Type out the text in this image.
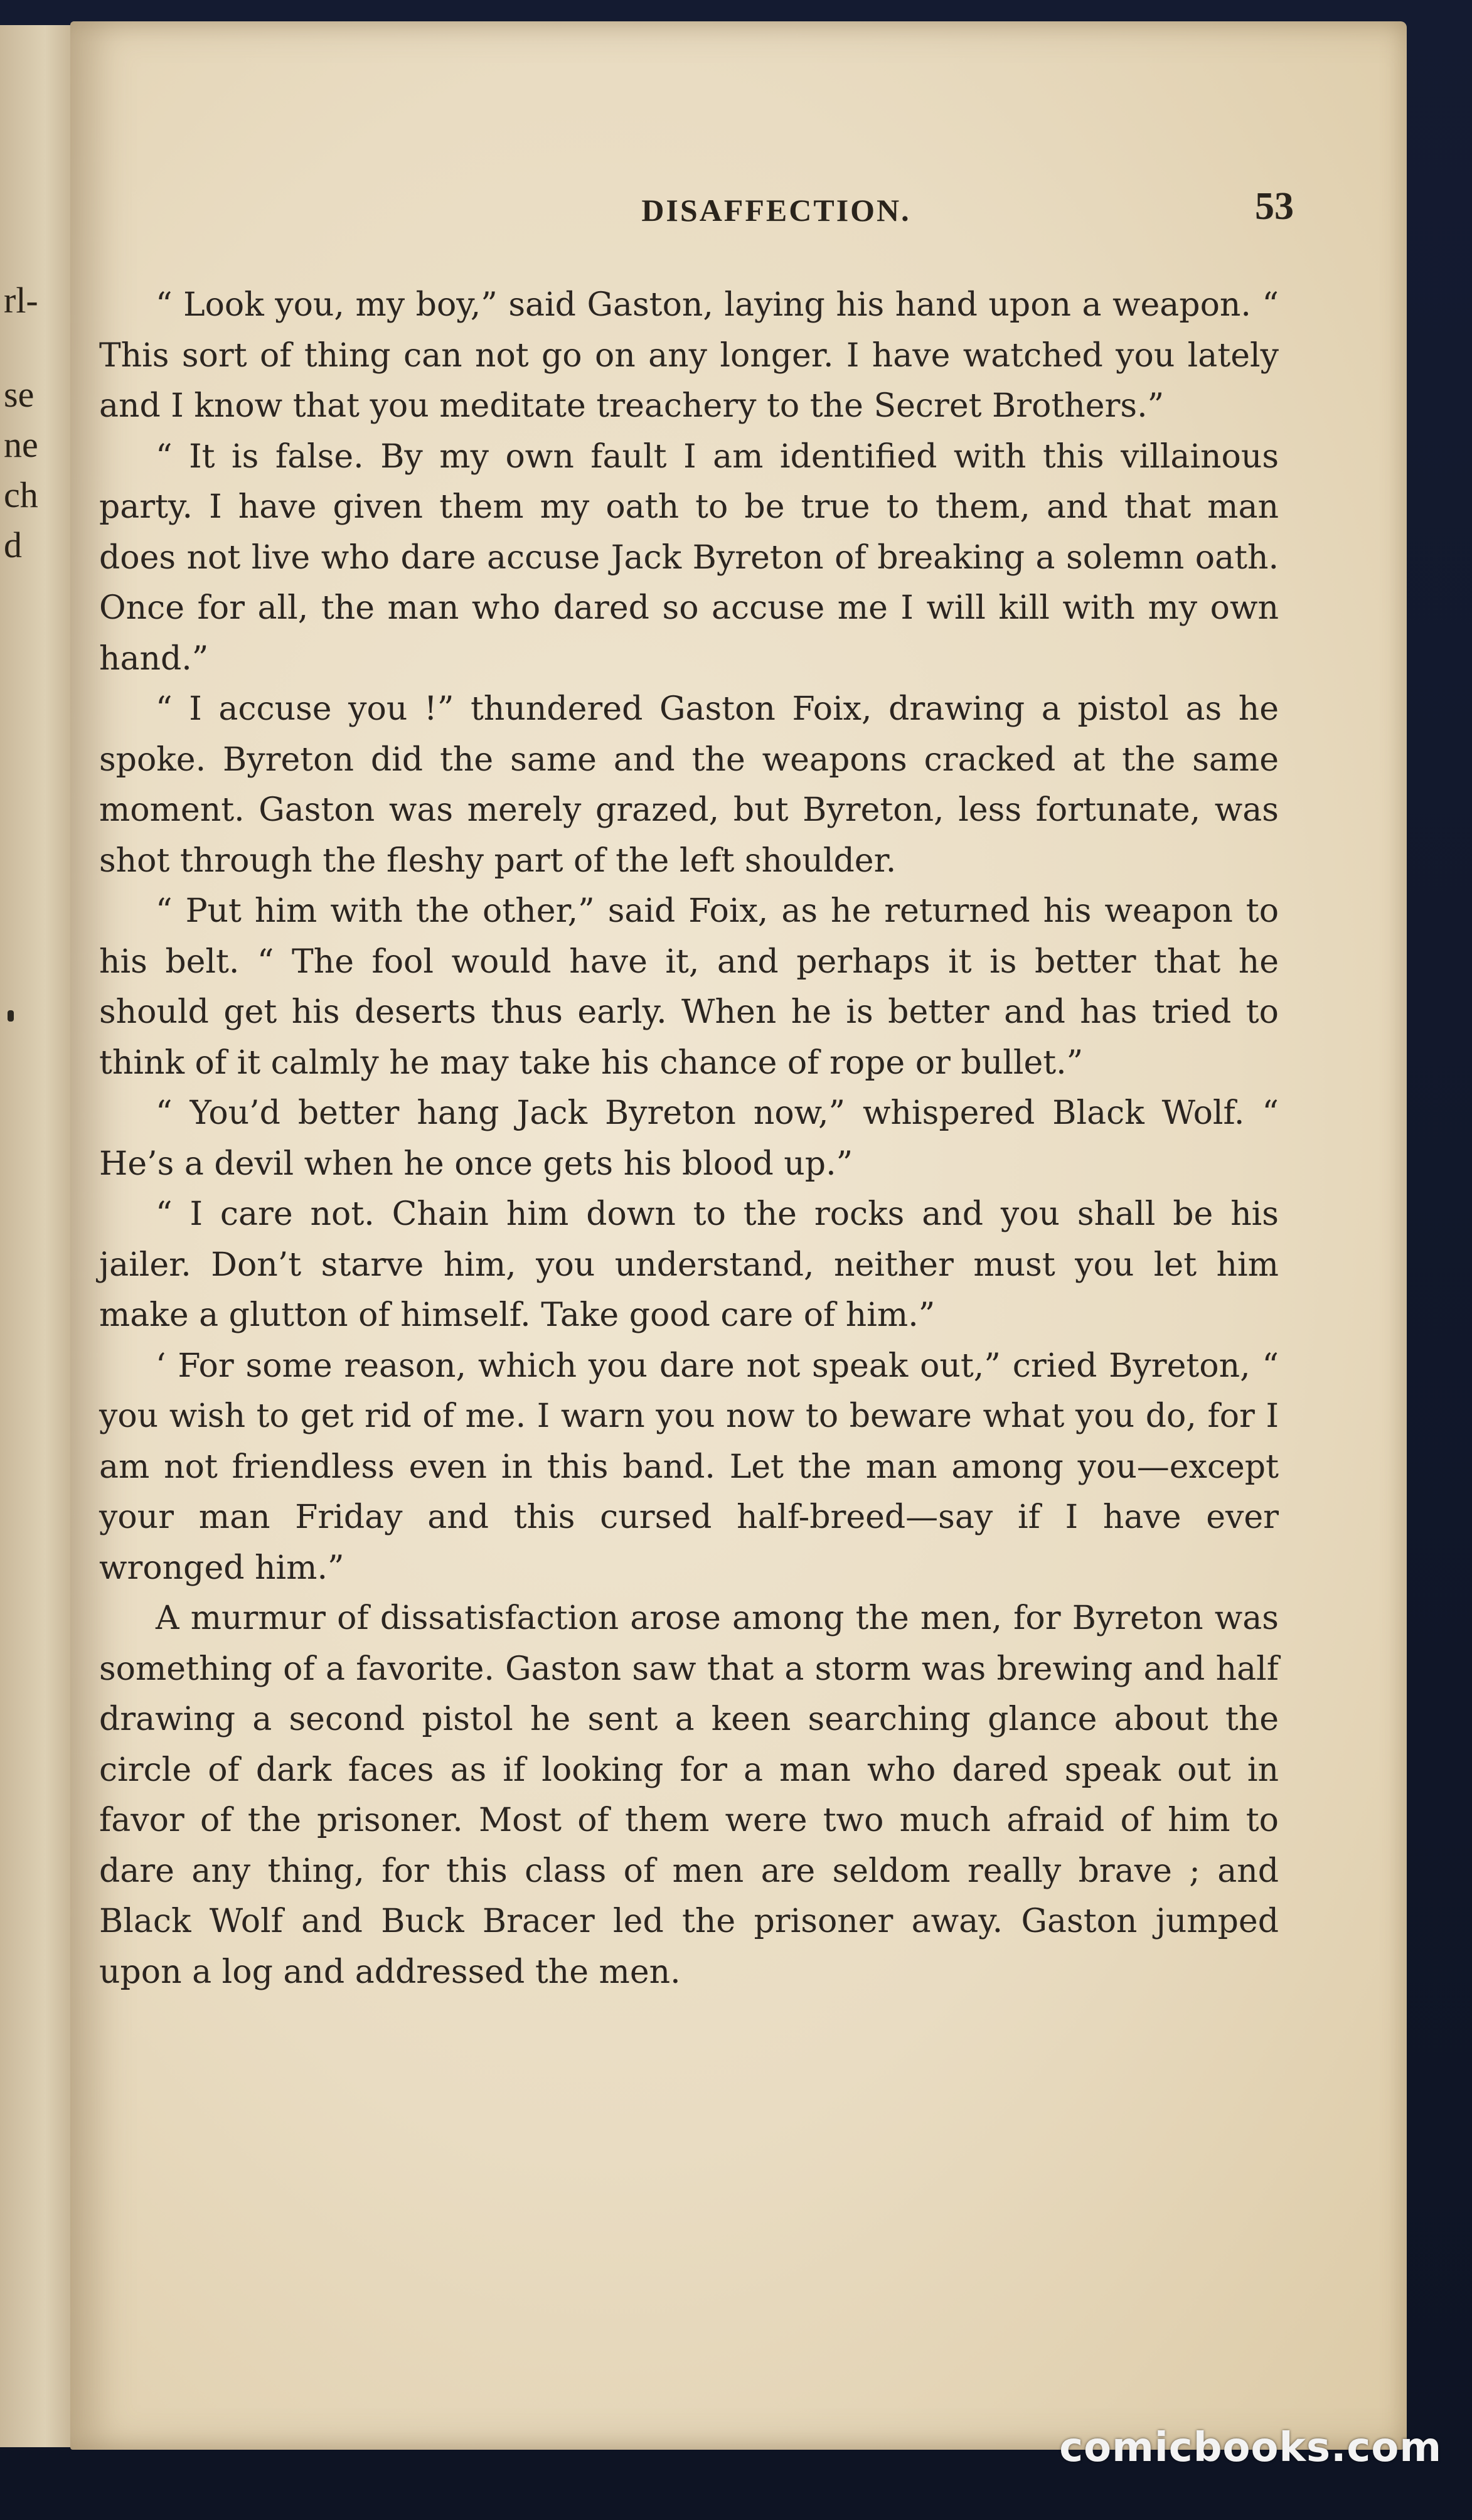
rl-
se
ne
ch
d
DISAFFECTION.	53

“ Look you, my boy,” said Gaston, laying his hand upon a weapon. “ This sort of thing can not go on any longer. I have watched you lately and I know that you meditate treachery to the Secret Brothers.”

“ It is false. By my own fault I am identified with this villainous party. I have given them my oath to be true to them, and that man does not live who dare accuse Jack Byreton of breaking a solemn oath. Once for all, the man who dared so accuse me I will kill with my own hand.”

“ I accuse you !” thundered Gaston Foix, drawing a pistol as he spoke. Byreton did the same and the weapons cracked at the same moment. Gaston was merely grazed, but Byreton, less fortunate, was shot through the fleshy part of the left shoulder.

“ Put him with the other,” said Foix, as he returned his weapon to his belt. “ The fool would have it, and perhaps it is better that he should get his deserts thus early. When he is better and has tried to think of it calmly he may take his chance of rope or bullet.”

“ You’d better hang Jack Byreton now,” whispered Black Wolf. “ He’s a devil when he once gets his blood up.”

“ I care not. Chain him down to the rocks and you shall be his jailer. Don’t starve him, you understand, neither must you let him make a glutton of himself. Take good care of him.”

‘ For some reason, which you dare not speak out,” cried Byreton, “ you wish to get rid of me. I warn you now to beware what you do, for I am not friendless even in this band. Let the man among you—except your man Friday and this cursed half-breed—say if I have ever wronged him.”

A murmur of dissatisfaction arose among the men, for Byreton was something of a favorite. Gaston saw that a storm was brewing and half drawing a second pistol he sent a keen searching glance about the circle of dark faces as if looking for a man who dared speak out in favor of the prisoner. Most of them were two much afraid of him to dare any thing, for this class of men are seldom really brave ; and Black Wolf and Buck Bracer led the prisoner away. Gaston jumped upon a log and addressed the men.

comicbooks.com
